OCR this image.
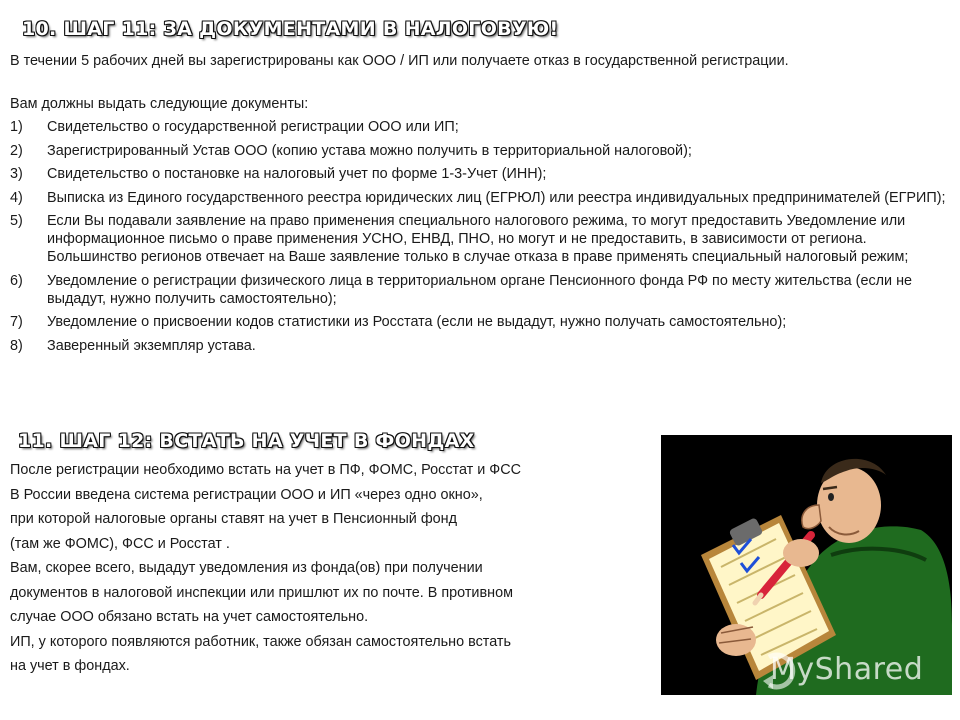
10. ШАГ 11: ЗА ДОКУМЕНТАМИ В НАЛОГОВУЮ!

В течении 5 рабочих дней вы зарегистрированы как ООО / ИП или получаете отказ в государственной регистрации.

Вам должны выдать следующие документы:

1) Свидетельство о государственной регистрации ООО или ИП;
2) Зарегистрированный Устав ООО (копию устава можно получить в территориальной налоговой);
3) Свидетельство о постановке на налоговый учет по форме 1-3-Учет (ИНН);
4) Выписка из Единого государственного реестра юридических лиц (ЕГРЮЛ) или реестра индивидуальных предпринимателей (ЕГРИП);
5) Если Вы подавали заявление на право применения специального налогового режима, то могут предоставить Уведомление или информационное письмо о праве применения УСНО, ЕНВД, ПНО, но могут и не предоставить, в зависимости от региона. Большинство регионов отвечает на Ваше заявление только в случае отказа в праве применять специальный налоговый режим;
6) Уведомление о регистрации физического лица в территориальном органе Пенсионного фонда РФ по месту жительства (если не выдадут, нужно получить самостоятельно);
7) Уведомление о присвоении кодов статистики из Росстата (если не выдадут, нужно получать самостоятельно);
8) Заверенный экземпляр устава.
11. ШАГ 12: ВСТАТЬ НА УЧЕТ В ФОНДАХ
После регистрации необходимо встать на учет в ПФ, ФОМС, Росстат и ФСС
В России введена система регистрации ООО и ИП «через одно окно»,
при которой налоговые органы ставят на учет в Пенсионный фонд
(там же ФОМС), ФСС и Росстат .
Вам, скорее всего, выдадут уведомления из фонда(ов) при получении
документов в налоговой инспекции или пришлют их по почте. В противном
случае ООО обязано встать на учет самостоятельно.
ИП, у которого появляются работник, также обязан самостоятельно встать
на учет в фондах.	MyShared
